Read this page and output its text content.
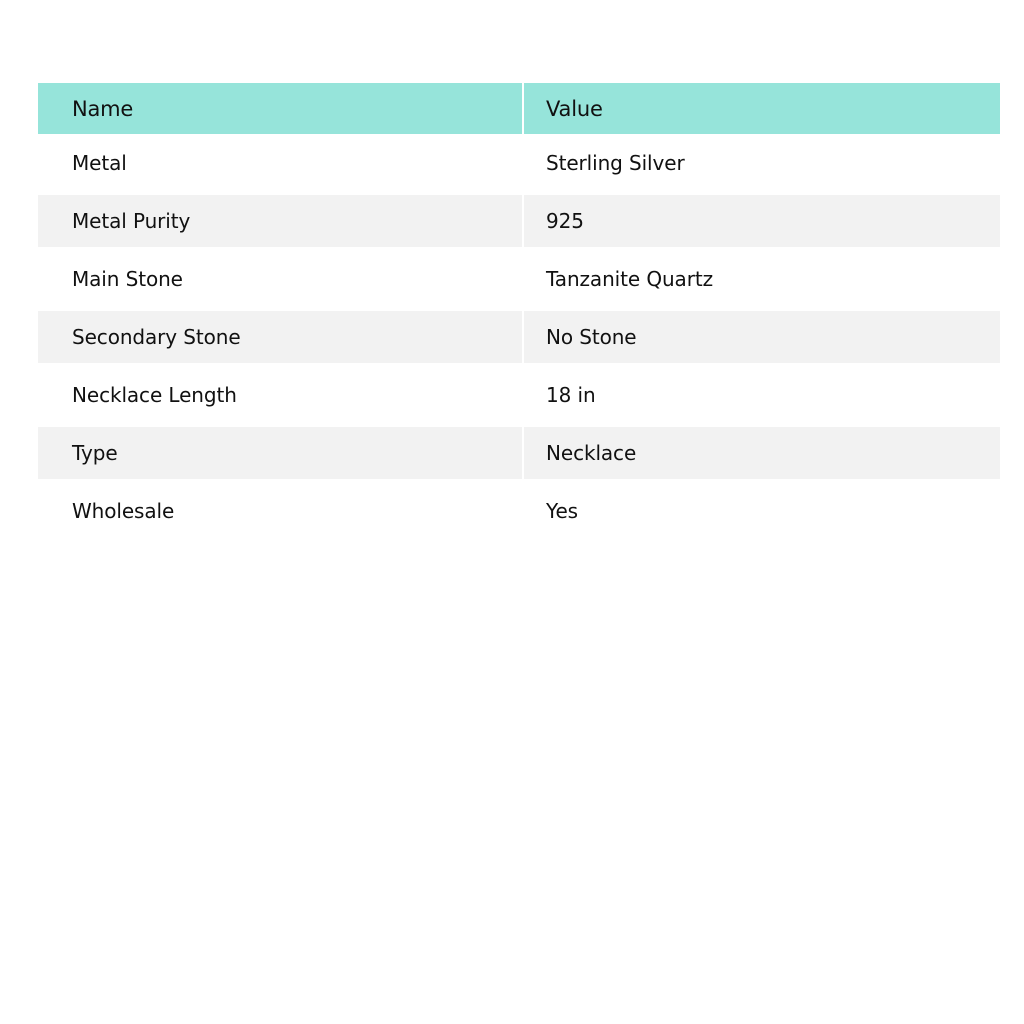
Name	Value
Metal	Sterling Silver
Metal Purity	925
Main Stone	Tanzanite Quartz
Secondary Stone	No Stone
Necklace Length	18 in
Type	Necklace
Wholesale	Yes
